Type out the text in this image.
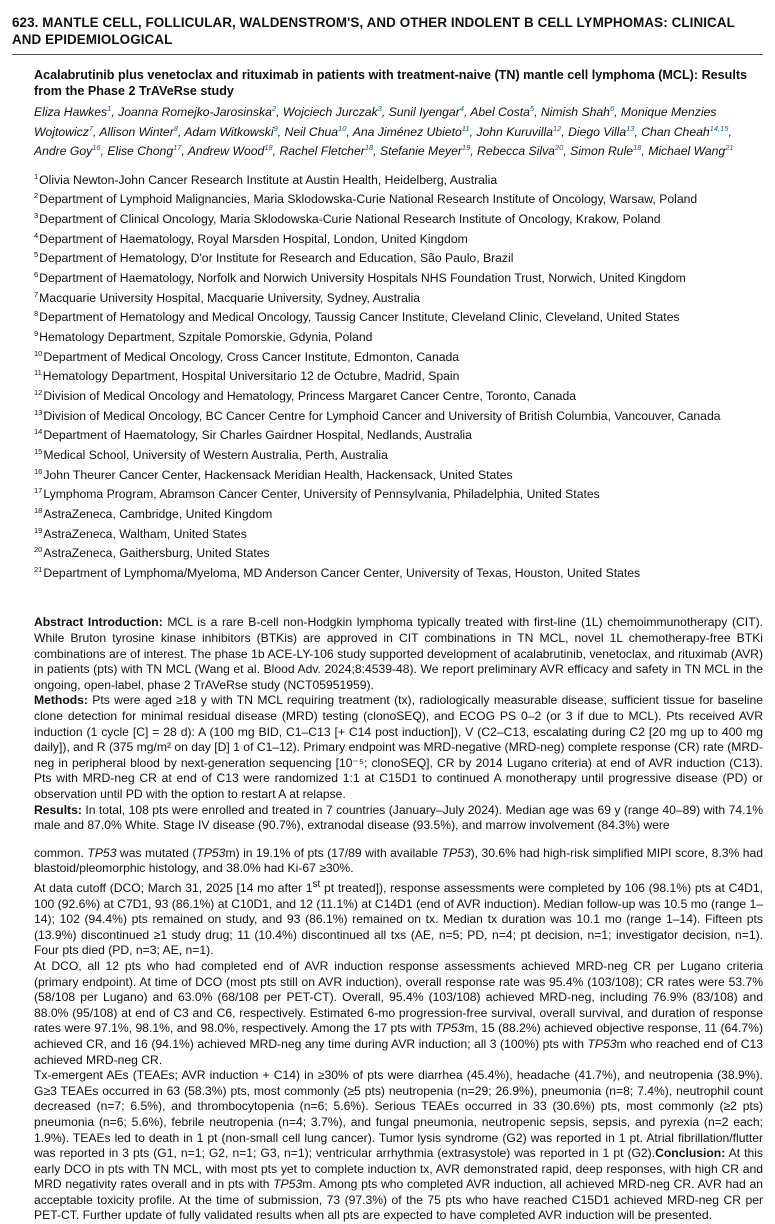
623. MANTLE CELL, FOLLICULAR, WALDENSTROM'S, AND OTHER INDOLENT B CELL LYMPHOMAS: CLINICAL AND EPIDEMIOLOGICAL
Acalabrutinib plus venetoclax and rituximab in patients with treatment-naive (TN) mantle cell lymphoma (MCL): Results from the Phase 2 TrAVeRse study
Eliza Hawkes$^1$, Joanna Romejko-Jarosinska$^2$, Wojciech Jurczak$^3$, Sunil Iyengar$^4$, Abel Costa$^5$, Nimish Shah$^6$, Monique Menzies Wojtowicz$^7$, Allison Winter$^8$, Adam Witkowski$^9$, Neil Chua$^{10}$, Ana Jiménez Ubieto$^{11}$, John Kuruvilla$^{12}$, Diego Villa$^{13}$, Chan Cheah$^{14,15}$, Andre Goy$^{16}$, Elise Chong$^{17}$, Andrew Wood$^{18}$, Rachel Fletcher$^{18}$, Stefanie Meyer$^{19}$, Rebecca Silva$^{20}$, Simon Rule$^{18}$, Michael Wang$^{21}$

$^1$Olivia Newton-John Cancer Research Institute at Austin Health, Heidelberg, Australia

$^2$Department of Lymphoid Malignancies, Maria Sklodowska-Curie National Research Institute of Oncology, Warsaw, Poland

$^3$Department of Clinical Oncology, Maria Sklodowska-Curie National Research Institute of Oncology, Krakow, Poland

$^4$Department of Haematology, Royal Marsden Hospital, London, United Kingdom

$^5$Department of Hematology, D'or Institute for Research and Education, São Paulo, Brazil

$^6$Department of Haematology, Norfolk and Norwich University Hospitals NHS Foundation Trust, Norwich, United Kingdom

$^7$Macquarie University Hospital, Macquarie University, Sydney, Australia

$^8$Department of Hematology and Medical Oncology, Taussig Cancer Institute, Cleveland Clinic, Cleveland, United States

$^9$Hematology Department, Szpitale Pomorskie, Gdynia, Poland

$^{10}$Department of Medical Oncology, Cross Cancer Institute, Edmonton, Canada

$^{11}$Hematology Department, Hospital Universitario 12 de Octubre, Madrid, Spain

$^{12}$Division of Medical Oncology and Hematology, Princess Margaret Cancer Centre, Toronto, Canada

$^{13}$Division of Medical Oncology, BC Cancer Centre for Lymphoid Cancer and University of British Columbia, Vancouver, Canada

$^{14}$Department of Haematology, Sir Charles Gairdner Hospital, Nedlands, Australia

$^{15}$Medical School, University of Western Australia, Perth, Australia

$^{16}$John Theurer Cancer Center, Hackensack Meridian Health, Hackensack, United States

$^{17}$Lymphoma Program, Abramson Cancer Center, University of Pennsylvania, Philadelphia, United States

$^{18}$AstraZeneca, Cambridge, United Kingdom

$^{19}$AstraZeneca, Waltham, United States

$^{20}$AstraZeneca, Gaithersburg, United States

$^{21}$Department of Lymphoma/Myeloma, MD Anderson Cancer Center, University of Texas, Houston, United States

Abstract Introduction: MCL is a rare B-cell non-Hodgkin lymphoma typically treated with first-line (1L) chemoimmunotherapy (CIT). While Bruton tyrosine kinase inhibitors (BTKis) are approved in CIT combinations in TN MCL, novel 1L chemotherapy-free BTKi combinations are of interest. The phase 1b ACE-LY-106 study supported development of acalabrutinib, venetoclax, and rituximab (AVR) in patients (pts) with TN MCL (Wang et al. Blood Adv. 2024;8:4539-48). We report preliminary AVR efficacy and safety in TN MCL in the ongoing, open-label, phase 2 TrAVeRse study (NCT05951959).

Methods: Pts were aged ≥18 y with TN MCL requiring treatment (tx), radiologically measurable disease, sufficient tissue for baseline clone detection for minimal residual disease (MRD) testing (clonoSEQ), and ECOG PS 0–2 (or 3 if due to MCL). Pts received AVR induction (1 cycle [C] = 28 d): A (100 mg BID, C1–C13 [+ C14 post induction]), V (C2–C13, escalating during C2 [20 mg up to 400 mg daily]), and R (375 mg/m² on day [D] 1 of C1–12). Primary endpoint was MRD-negative (MRD-neg) complete response (CR) rate (MRD-neg in peripheral blood by next-generation sequencing [10⁻⁵; clonoSEQ], CR by 2014 Lugano criteria) at end of AVR induction (C13). Pts with MRD-neg CR at end of C13 were randomized 1:1 at C15D1 to continued A monotherapy until progressive disease (PD) or observation until PD with the option to restart A at relapse.

Results: In total, 108 pts were enrolled and treated in 7 countries (January–July 2024). Median age was 69 y (range 40–89) with 74.1% male and 87.0% White. Stage IV disease (90.7%), extranodal disease (93.5%), and marrow involvement (84.3%) were

common. TP53 was mutated (TP53m) in 19.1% of pts (17/89 with available TP53), 30.6% had high-risk simplified MIPI score, 8.3% had blastoid/pleomorphic histology, and 38.0% had Ki-67 ≥30%.

At data cutoff (DCO; March 31, 2025 [14 mo after 1st pt treated]), response assessments were completed by 106 (98.1%) pts at C4D1, 100 (92.6%) at C7D1, 93 (86.1%) at C10D1, and 12 (11.1%) at C14D1 (end of AVR induction). Median follow-up was 10.5 mo (range 1–14); 102 (94.4%) pts remained on study, and 93 (86.1%) remained on tx. Median tx duration was 10.1 mo (range 1–14). Fifteen pts (13.9%) discontinued ≥1 study drug; 11 (10.4%) discontinued all txs (AE, n=5; PD, n=4; pt decision, n=1; investigator decision, n=1). Four pts died (PD, n=3; AE, n=1).

At DCO, all 12 pts who had completed end of AVR induction response assessments achieved MRD-neg CR per Lugano criteria (primary endpoint). At time of DCO (most pts still on AVR induction), overall response rate was 95.4% (103/108); CR rates were 53.7% (58/108 per Lugano) and 63.0% (68/108 per PET-CT). Overall, 95.4% (103/108) achieved MRD-neg, including 76.9% (83/108) and 88.0% (95/108) at end of C3 and C6, respectively. Estimated 6-mo progression-free survival, overall survival, and duration of response rates were 97.1%, 98.1%, and 98.0%, respectively. Among the 17 pts with TP53m, 15 (88.2%) achieved objective response, 11 (64.7%) achieved CR, and 16 (94.1%) achieved MRD-neg any time during AVR induction; all 3 (100%) pts with TP53m who reached end of C13 achieved MRD-neg CR.

Tx-emergent AEs (TEAEs; AVR induction + C14) in ≥30% of pts were diarrhea (45.4%), headache (41.7%), and neutropenia (38.9%). G≥3 TEAEs occurred in 63 (58.3%) pts, most commonly (≥5 pts) neutropenia (n=29; 26.9%), pneumonia (n=8; 7.4%), neutrophil count decreased (n=7; 6.5%), and thrombocytopenia (n=6; 5.6%). Serious TEAEs occurred in 33 (30.6%) pts, most commonly (≥2 pts) pneumonia (n=6; 5.6%), febrile neutropenia (n=4; 3.7%), and fungal pneumonia, neutropenic sepsis, sepsis, and pyrexia (n=2 each; 1.9%). TEAEs led to death in 1 pt (non-small cell lung cancer). Tumor lysis syndrome (G2) was reported in 1 pt. Atrial fibrillation/flutter was reported in 3 pts (G1, n=1; G2, n=1; G3, n=1); ventricular arrhythmia (extrasystole) was reported in 1 pt (G2).Conclusion: At this early DCO in pts with TN MCL, with most pts yet to complete induction tx, AVR demonstrated rapid, deep responses, with high CR and MRD negativity rates overall and in pts with TP53m. Among pts who completed AVR induction, all achieved MRD-neg CR. AVR had an acceptable toxicity profile. At the time of submission, 73 (97.3%) of the 75 pts who have reached C15D1 achieved MRD-neg CR per PET-CT. Further update of fully validated results when all pts are expected to have completed AVR induction will be presented.
